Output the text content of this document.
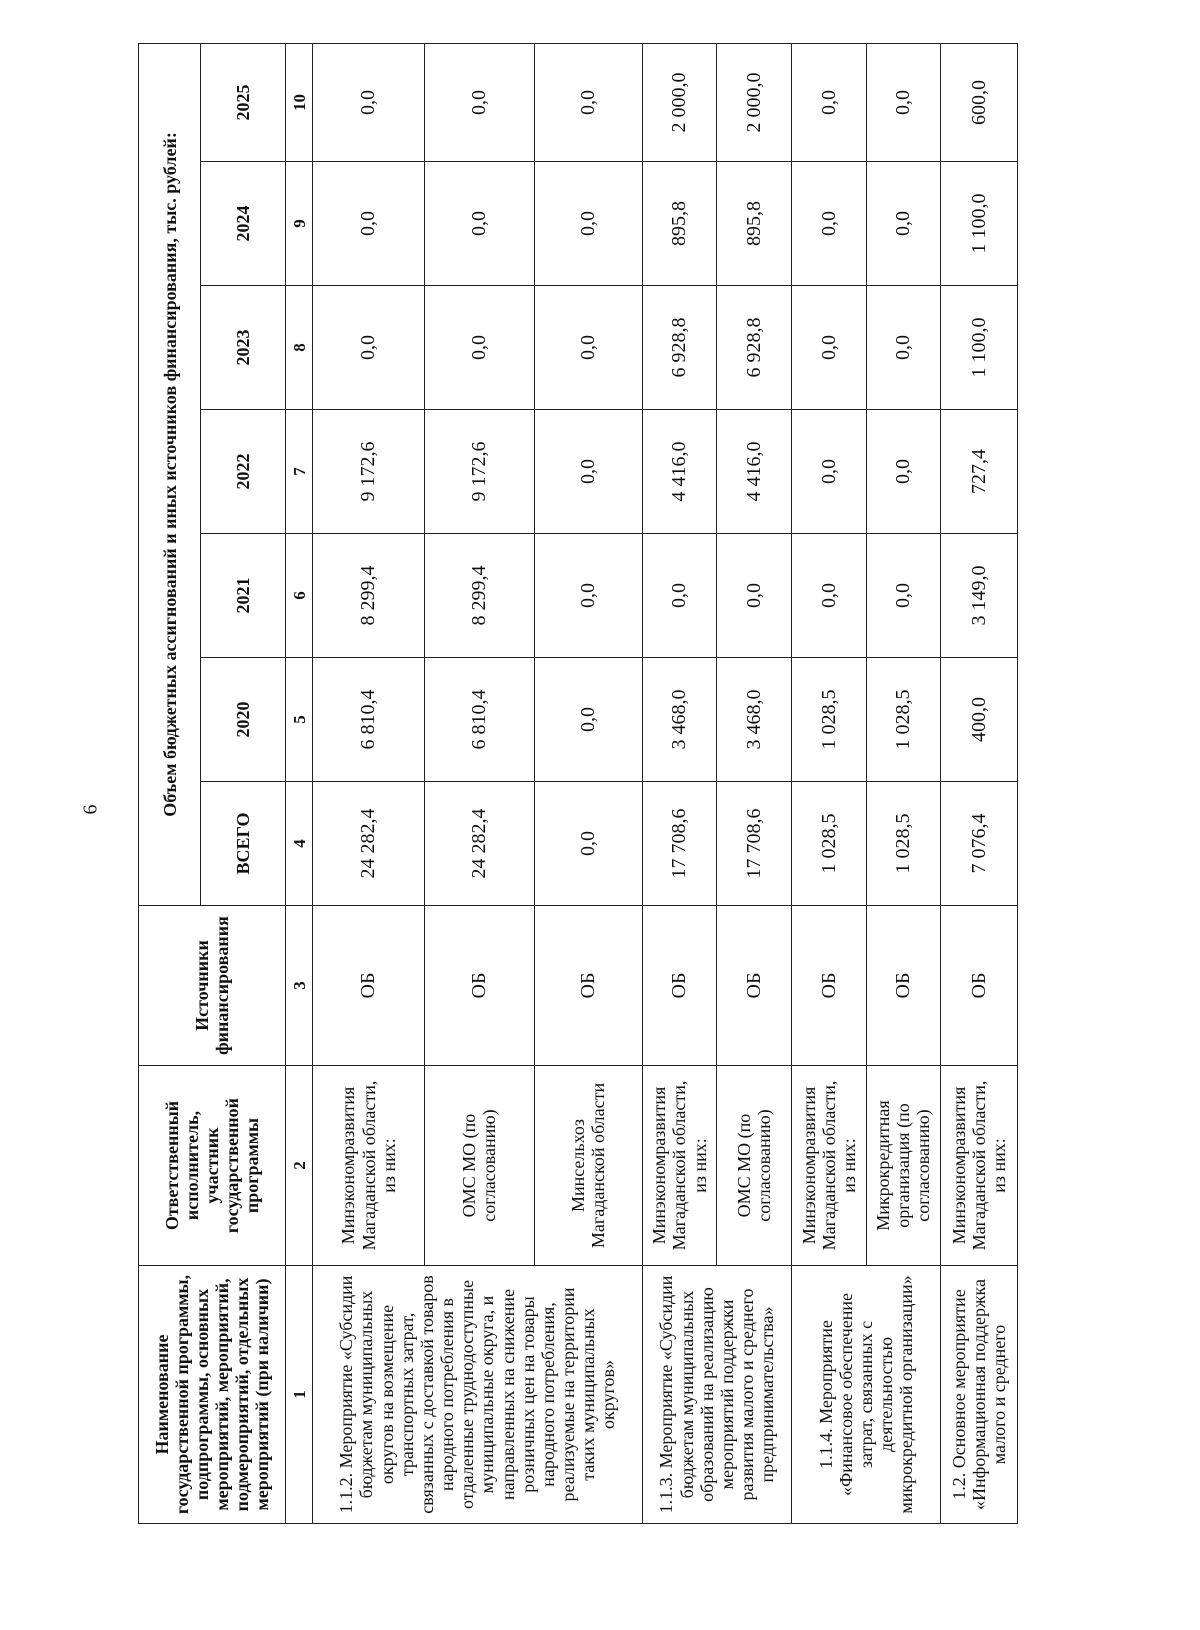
6
Наименование государственной программы, подпрограммы, основных мероприятий, мероприятий, подмероприятий, отдельных мероприятий (при наличии)	Ответственный исполнитель, участник государственной программы	Источники финансирования	Объем бюджетных ассигнований и иных источников финансирования, тыс. рублей:						
			ВСЕГО	2020	2021	2022	2023	2024	2025
1	2	3	4	5	6	7	8	9	10
1.1.2. Мероприятие «Субсидии бюджетам муниципальных округов на возмещение транспортных затрат, связанных с доставкой товаров народного потребления в отдаленные труднодоступные муниципальные округа, и направленных на снижение розничных цен на товары народного потребления, реализуемые на территории таких муниципальных округов»	Минэкономразвития Магаданской области, из них:	ОБ	24 282,4	6 810,4	8 299,4	9 172,6	0,0	0,0	0,0
	ОМС МО (по согласованию)	ОБ	24 282,4	6 810,4	8 299,4	9 172,6	0,0	0,0	0,0
	Минсельхоз Магаданской области	ОБ	0,0	0,0	0,0	0,0	0,0	0,0	0,0
1.1.3. Мероприятие «Субсидии бюджетам муниципальных образований на реализацию мероприятий поддержки развития малого и среднего предпринимательства»	Минэкономразвития Магаданской области, из них:	ОБ	17 708,6	3 468,0	0,0	4 416,0	6 928,8	895,8	2 000,0
	ОМС МО (по согласованию)	ОБ	17 708,6	3 468,0	0,0	4 416,0	6 928,8	895,8	2 000,0
1.1.4. Мероприятие «Финансовое обеспечение затрат, связанных с деятельностью микрокредитной организации»	Минэкономразвития Магаданской области, из них:	ОБ	1 028,5	1 028,5	0,0	0,0	0,0	0,0	0,0
	Микрокредитная организация (по согласованию)	ОБ	1 028,5	1 028,5	0,0	0,0	0,0	0,0	0,0
1.2. Основное мероприятие «Информационная поддержка малого и среднего	Минэкономразвития Магаданской области, из них:	ОБ	7 076,4	400,0	3 149,0	727,4	1 100,0	1 100,0	600,0
